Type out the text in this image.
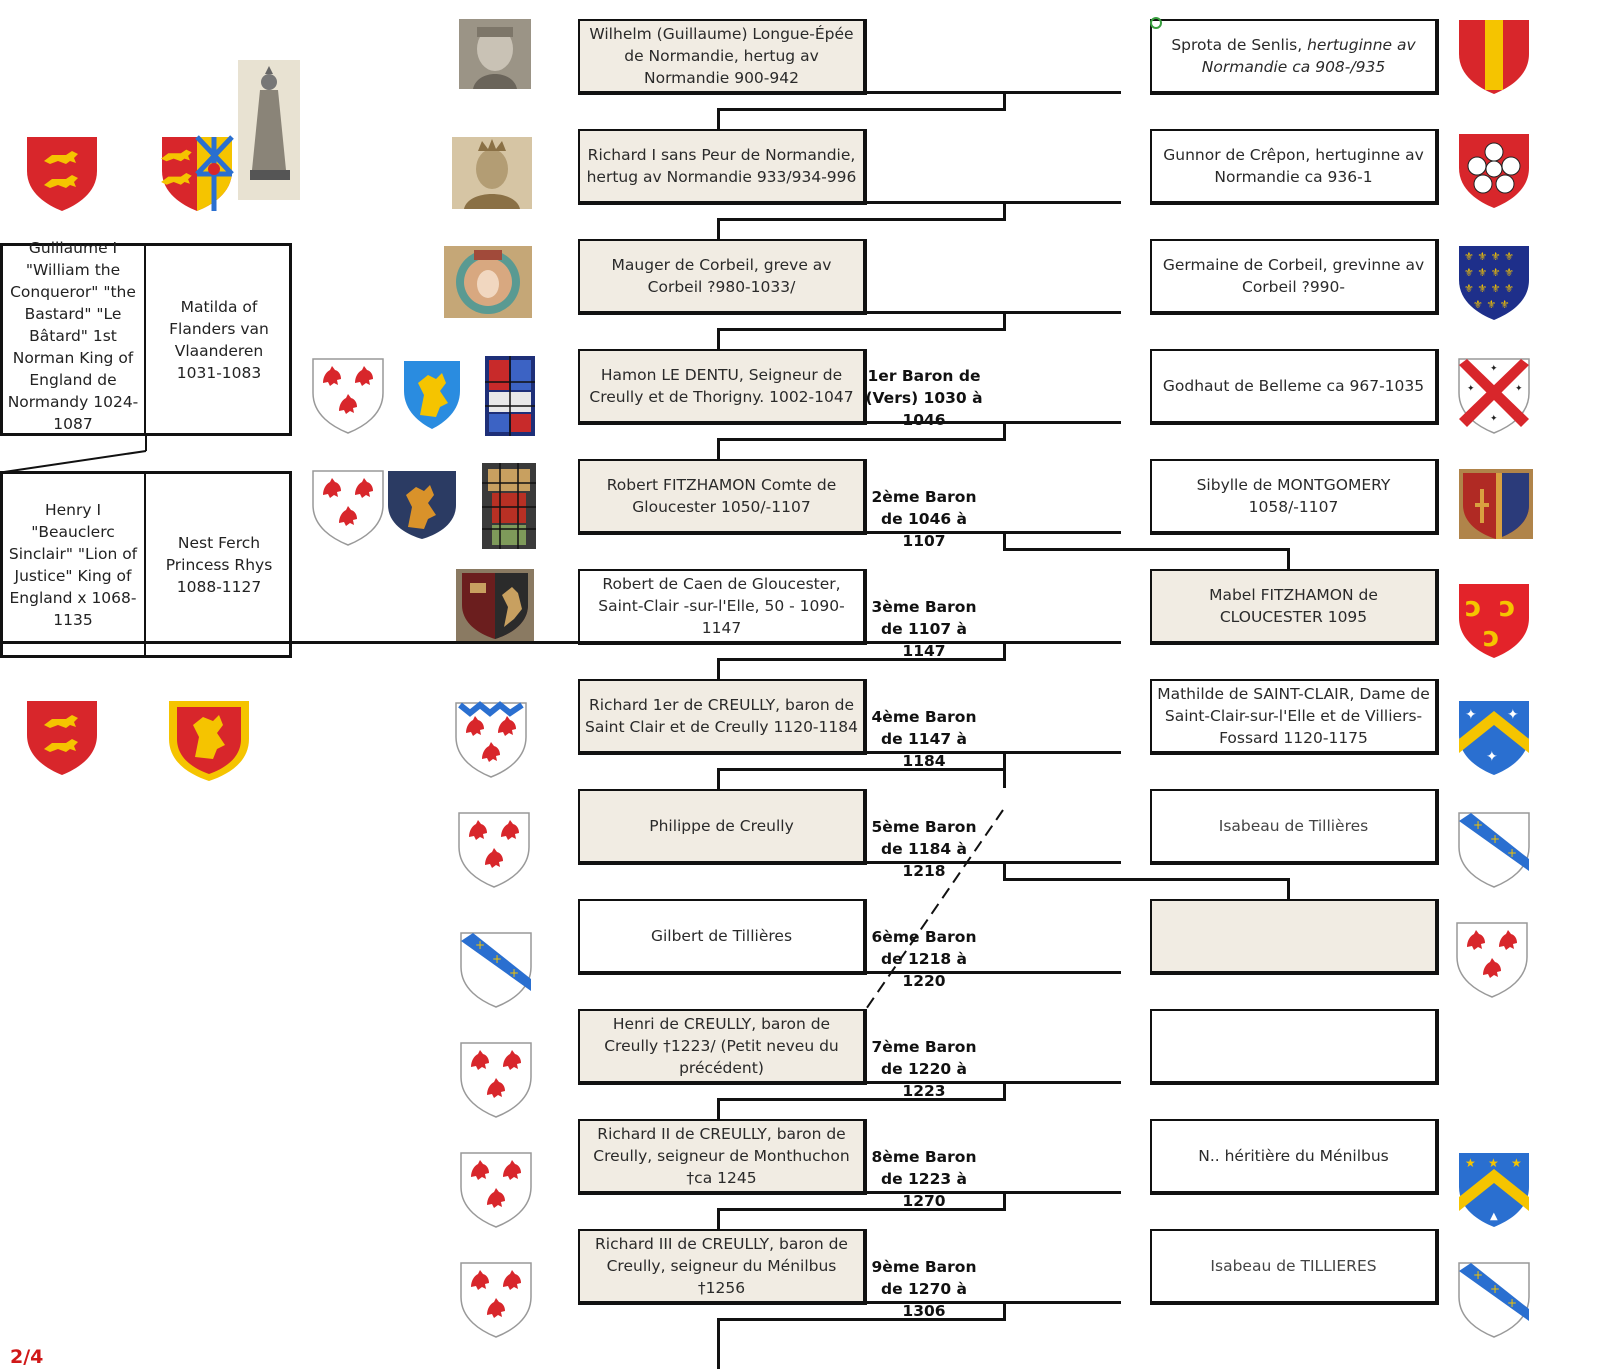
Wilhelm (Guillaume) Longue-Épée de Normandie, hertug av Normandie 900-942
Richard I sans Peur de Normandie, hertug av Normandie 933/934-996
Mauger de Corbeil, greve av Corbeil ?980-1033/
Hamon LE DENTU, Seigneur de Creully et de Thorigny. 1002-1047
Robert FITZHAMON Comte de Gloucester 1050/-1107
Robert de Caen de Gloucester, Saint-Clair -sur-l'Elle, 50 - 1090-1147
Richard 1er de CREULLY, baron de Saint Clair et de Creully 1120-1184
Philippe de Creully
Gilbert de Tillières
Henri de CREULLY, baron de Creully †1223/ (Petit neveu du précédent)
Richard II de CREULLY, baron de Creully, seigneur de Monthuchon †ca 1245
Richard III de CREULLY, baron de Creully, seigneur du Ménilbus †1256
1er Baron de (Vers) 1030 à 1046
2ème Baron de 1046 à 1107
3ème Baron de 1107 à 1147
4ème Baron de 1147 à 1184
5ème Baron de 1184 à 1218
6ème Baron de 1218 à 1220
7ème Baron de 1220 à 1223
8ème Baron de 1223 à 1270
9ème Baron de 1270 à 1306
Sprota de Senlis, hertuginne av Normandie ca 908-/935
Gunnor de Crêpon, hertuginne av Normandie ca 936-1
Germaine de Corbeil, grevinne av Corbeil ?990-
Godhaut de Belleme ca 967-1035
Sibylle de MONTGOMERY 1058/-1107
Mabel FITZHAMON de CLOUCESTER 1095
Mathilde de SAINT-CLAIR, Dame de Saint-Clair-sur-l'Elle et de Villiers-Fossard 1120-1175
Isabeau de Tillières
N.. héritière du Ménilbus
Isabeau de TILLIERES
Guillaume I "William the Conqueror" "the Bastard" "Le Bâtard" 1st Norman King of England de Normandy 1024-1087
Matilda of Flanders van Vlaanderen 1031-1083
Henry I "Beauclerc Sinclair" "Lion of Justice" King of England x 1068-1135
Nest Ferch Princess Rhys 1088-1127
+
+
+
+
+
+
+
+
+
⚜ ⚜ ⚜ ⚜
⚜ ⚜ ⚜ ⚜
⚜ ⚜ ⚜ ⚜
⚜ ⚜ ⚜
✦	✦
✦
✦
ɔ ɔ
ɔ
✦ ✦
✦
★ ★ ★
▲
2/4
